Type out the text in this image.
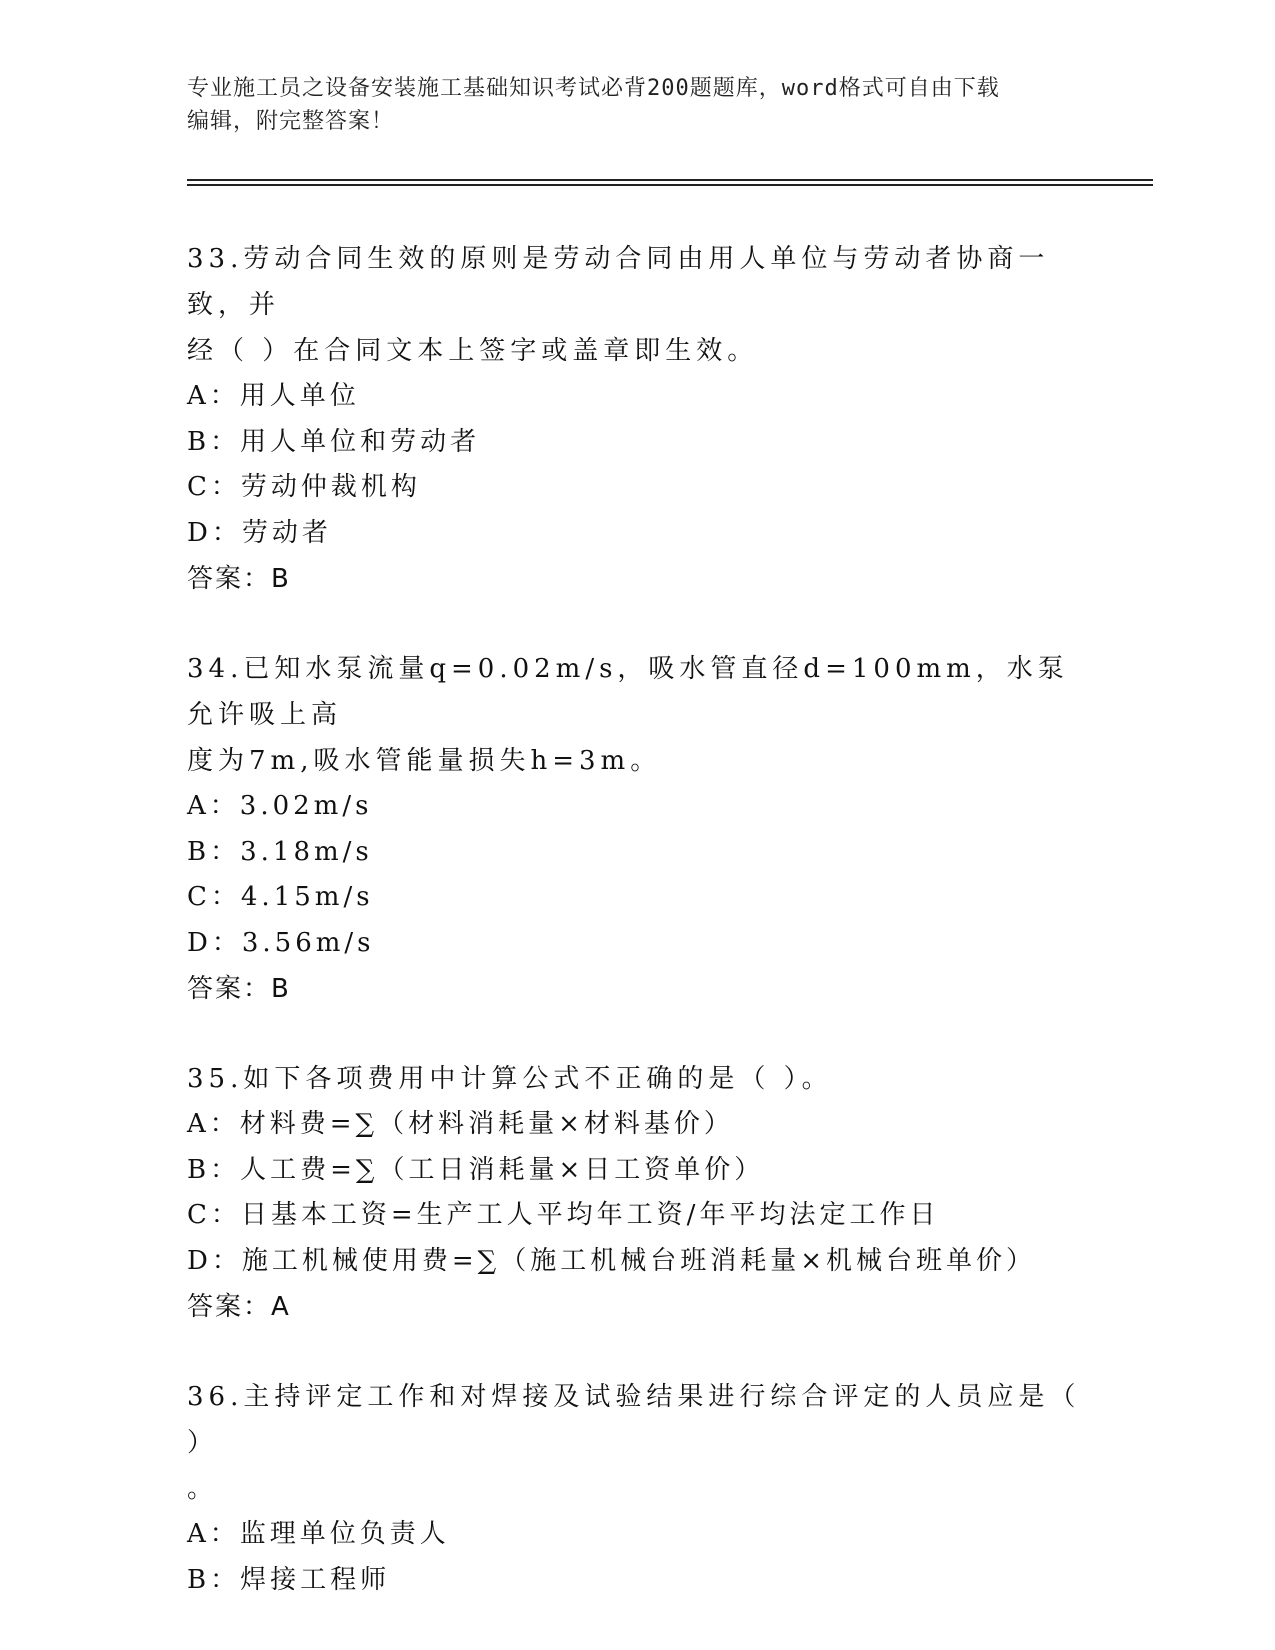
专业施工员之设备安装施工基础知识考试必背200题题库，word格式可自由下载
编辑，附完整答案！

33.劳动合同生效的原则是劳动合同由用人单位与劳动者协商一致，并

经（ ）在合同文本上签字或盖章即生效。

A：用人单位

B：用人单位和劳动者

C：劳动仲裁机构

D：劳动者

答案：B

34.已知水泵流量q=0.02m/s，吸水管直径d=100mm，水泵允许吸上高

度为7m,吸水管能量损失h=3m。

A：3.02m/s

B：3.18m/s

C：4.15m/s

D：3.56m/s

答案：B

35.如下各项费用中计算公式不正确的是（ ）。

A：材料费=∑（材料消耗量×材料基价）

B：人工费=∑（工日消耗量×日工资单价）

C：日基本工资=生产工人平均年工资/年平均法定工作日

D：施工机械使用费=∑（施工机械台班消耗量×机械台班单价）

答案：A

36.主持评定工作和对焊接及试验结果进行综合评定的人员应是（ ）

。

A：监理单位负责人

B：焊接工程师
